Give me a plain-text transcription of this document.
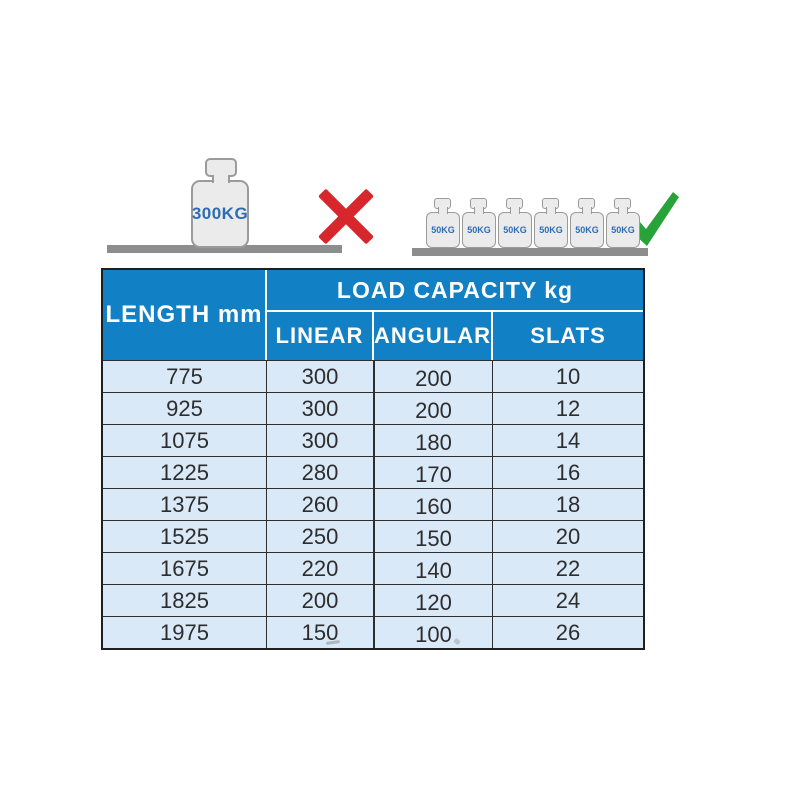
300KG
50KG 50KG 50KG 50KG 50KG 50KG
LENGTH mm	LOAD CAPACITY kg		
	LINEAR	ANGULAR	SLATS
775	300	200	10
925	300	200	12
1075	300	180	14
1225	280	170	16
1375	260	160	18
1525	250	150	20
1675	220	140	22
1825	200	120	24
1975	150	100	26
